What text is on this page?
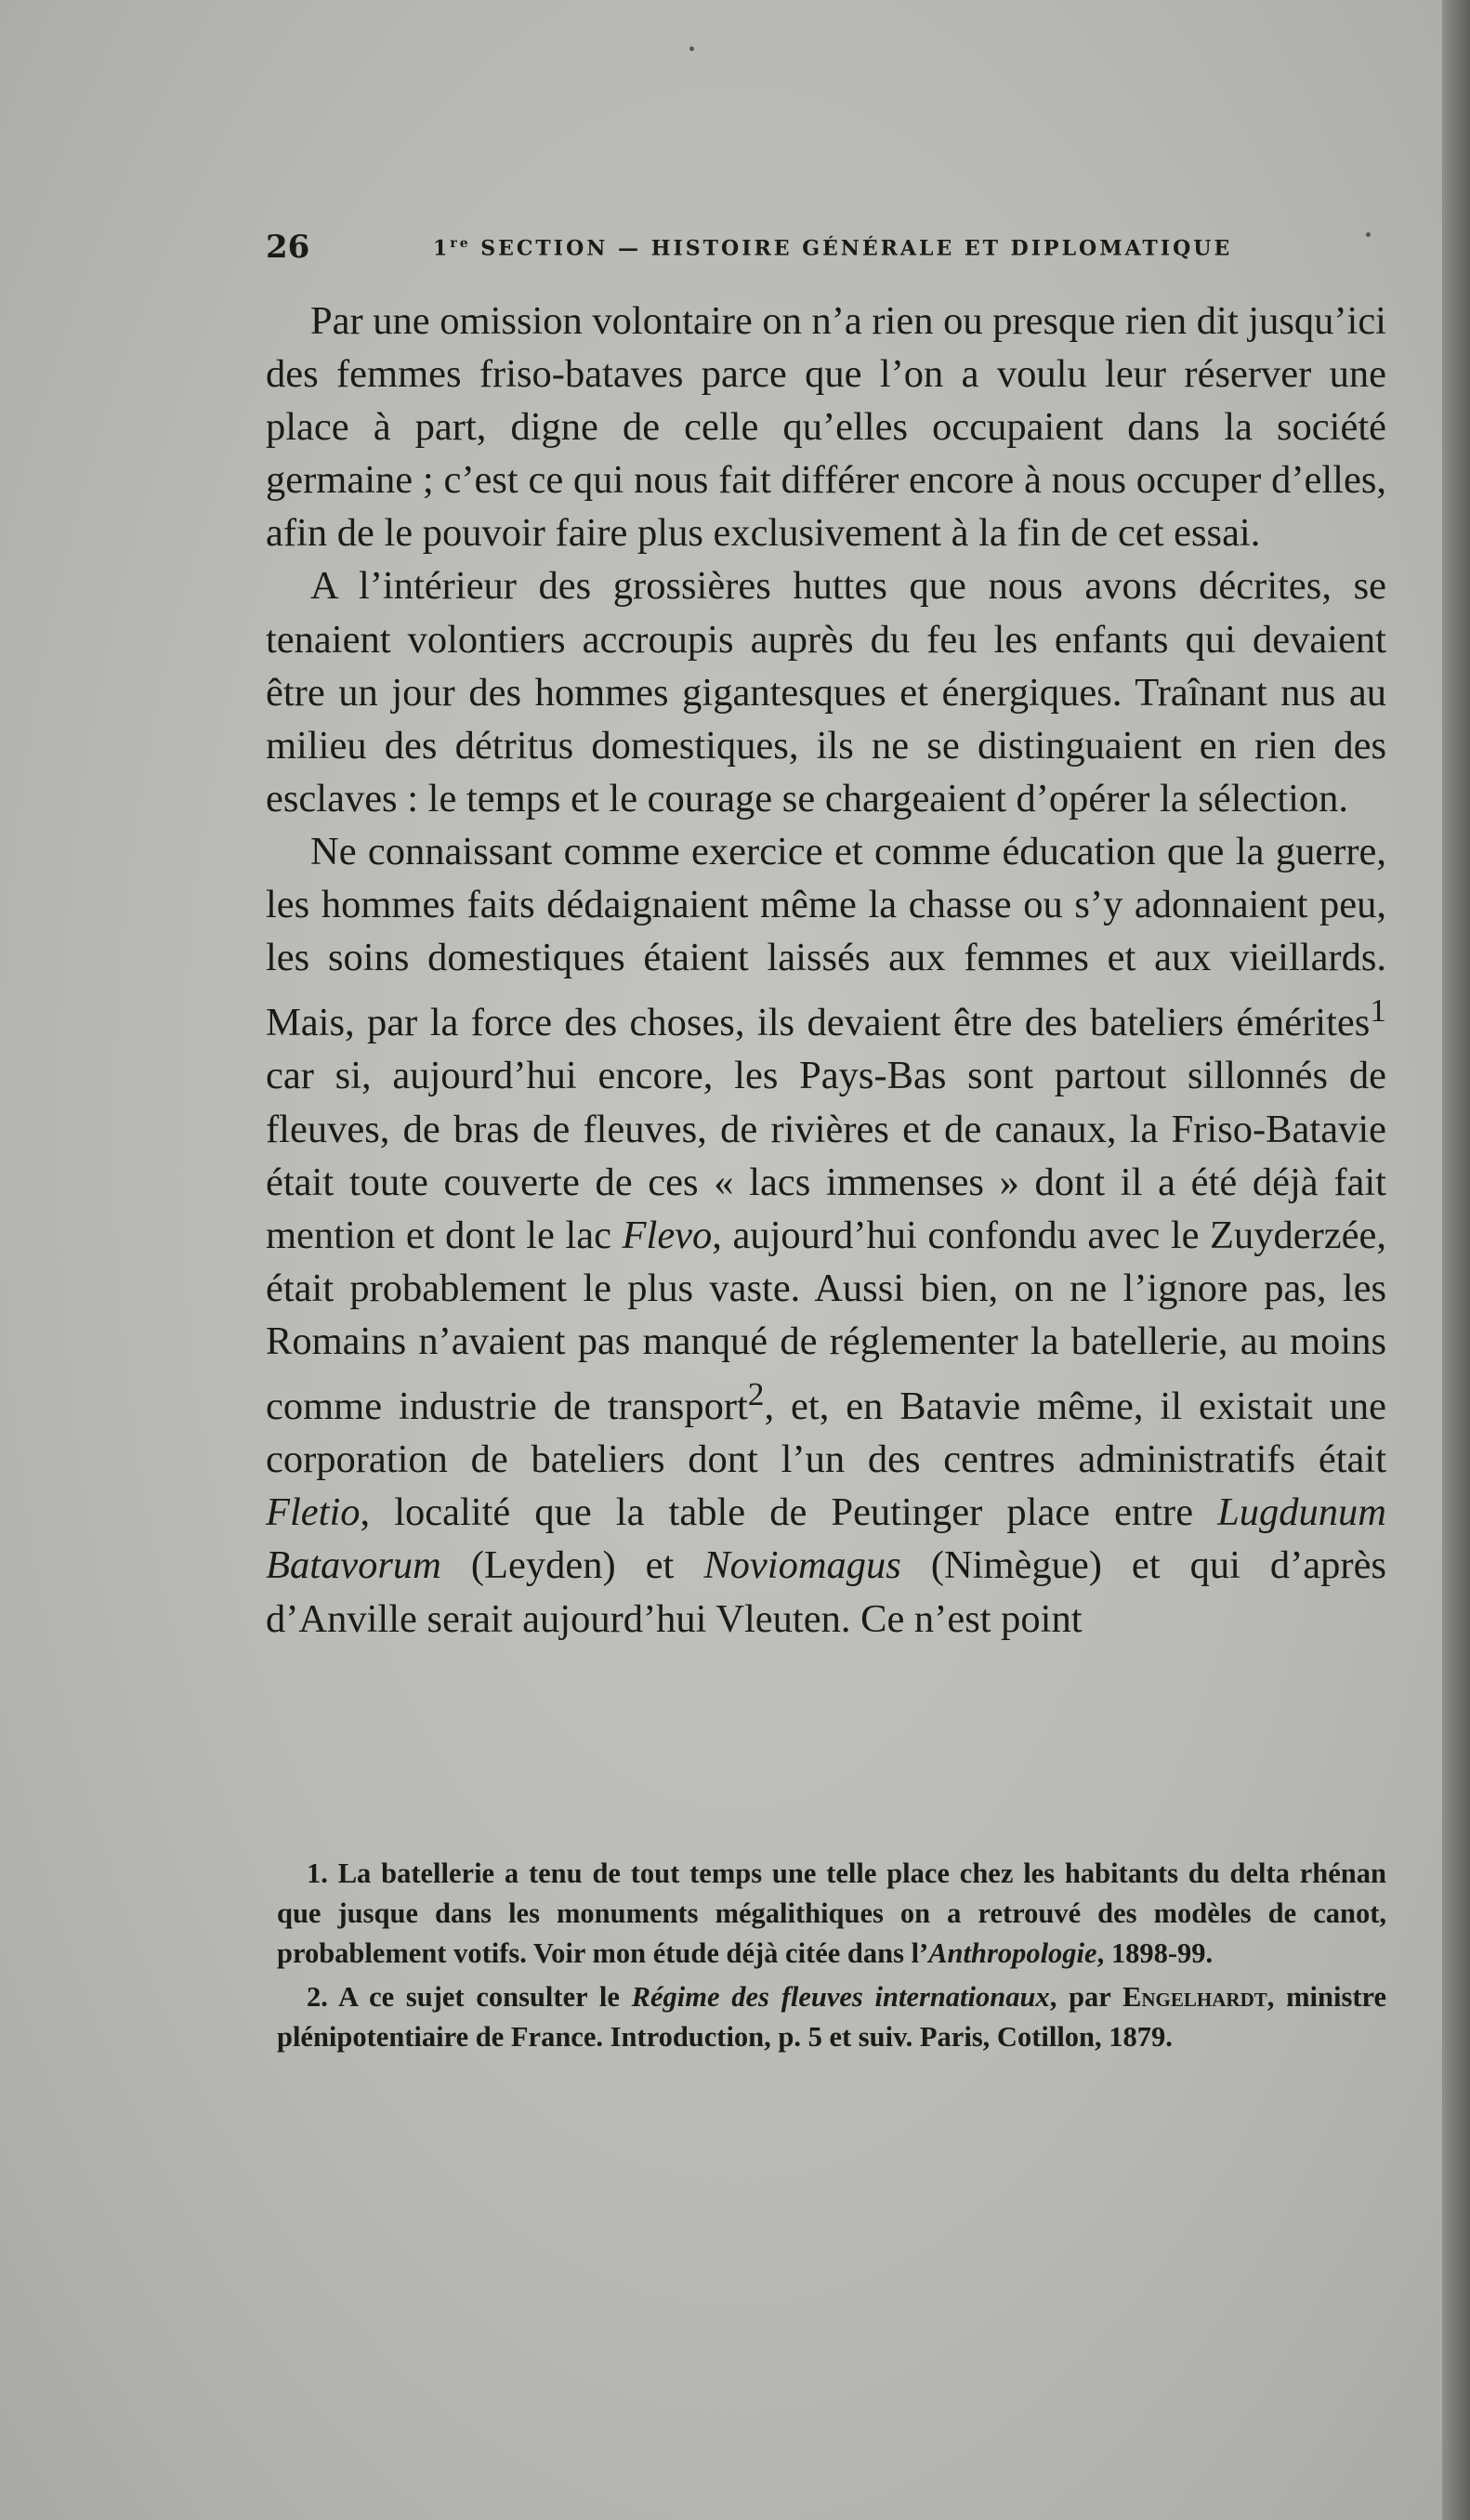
26	1re SECTION — HISTOIRE GÉNÉRALE ET DIPLOMATIQUE

Par une omission volontaire on n’a rien ou presque rien dit jusqu’ici des femmes friso-bataves parce que l’on a voulu leur réserver une place à part, digne de celle qu’elles occupaient dans la société germaine ; c’est ce qui nous fait différer encore à nous occuper d’elles, afin de le pouvoir faire plus exclusivement à la fin de cet essai.

A l’intérieur des grossières huttes que nous avons décrites, se tenaient volontiers accroupis auprès du feu les enfants qui devaient être un jour des hommes gigantesques et énergiques. Traînant nus au milieu des détritus domestiques, ils ne se distinguaient en rien des esclaves : le temps et le courage se chargeaient d’opérer la sélection.

Ne connaissant comme exercice et comme éducation que la guerre, les hommes faits dédaignaient même la chasse ou s’y adonnaient peu, les soins domestiques étaient laissés aux femmes et aux vieillards. Mais, par la force des choses, ils devaient être des bateliers émérites$^1$ car si, aujourd’hui encore, les Pays-Bas sont partout sillonnés de fleuves, de bras de fleuves, de rivières et de canaux, la Friso-Batavie était toute couverte de ces « lacs immenses » dont il a été déjà fait mention et dont le lac Flevo, aujourd’hui confondu avec le Zuyderzée, était probablement le plus vaste. Aussi bien, on ne l’ignore pas, les Romains n’avaient pas manqué de réglementer la batellerie, au moins comme industrie de transport$^2$, et, en Batavie même, il existait une corporation de bateliers dont l’un des centres administratifs était Fletio, localité que la table de Peutinger place entre Lugdunum Batavorum (Leyden) et Noviomagus (Nimègue) et qui d’après d’Anville serait aujourd’hui Vleuten. Ce n’est point

1. La batellerie a tenu de tout temps une telle place chez les habitants du delta rhénan que jusque dans les monuments mégalithiques on a retrouvé des modèles de canot, probablement votifs. Voir mon étude déjà citée dans l’Anthropologie, 1898-99.

2. A ce sujet consulter le Régime des fleuves internationaux, par Engelhardt, ministre plénipotentiaire de France. Introduction, p. 5 et suiv. Paris, Cotillon, 1879.
